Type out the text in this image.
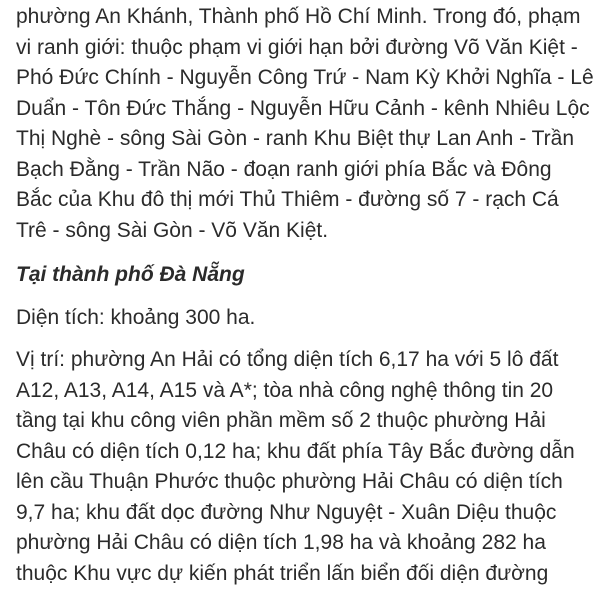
phường An Khánh, Thành phố Hồ Chí Minh. Trong đó, phạm
vi ranh giới: thuộc phạm vi giới hạn bởi đường Võ Văn Kiệt -
Phó Đức Chính - Nguyễn Công Trứ - Nam Kỳ Khởi Nghĩa - Lê
Duẩn - Tôn Đức Thắng - Nguyễn Hữu Cảnh - kênh Nhiêu Lộc
Thị Nghè - sông Sài Gòn - ranh Khu Biệt thự Lan Anh - Trần
Bạch Đằng - Trần Não - đoạn ranh giới phía Bắc và Đông
Bắc của Khu đô thị mới Thủ Thiêm - đường số 7 - rạch Cá
Trê - sông Sài Gòn - Võ Văn Kiệt.

Tại thành phố Đà Nẵng

Diện tích: khoảng 300 ha.

Vị trí: phường An Hải có tổng diện tích 6,17 ha với 5 lô đất
A12, A13, A14, A15 và A*; tòa nhà công nghệ thông tin 20
tầng tại khu công viên phần mềm số 2 thuộc phường Hải
Châu có diện tích 0,12 ha; khu đất phía Tây Bắc đường dẫn
lên cầu Thuận Phước thuộc phường Hải Châu có diện tích
9,7 ha; khu đất dọc đường Như Nguyệt - Xuân Diệu thuộc
phường Hải Châu có diện tích 1,98 ha và khoảng 282 ha
thuộc Khu vực dự kiến phát triển lấn biển đối diện đường
